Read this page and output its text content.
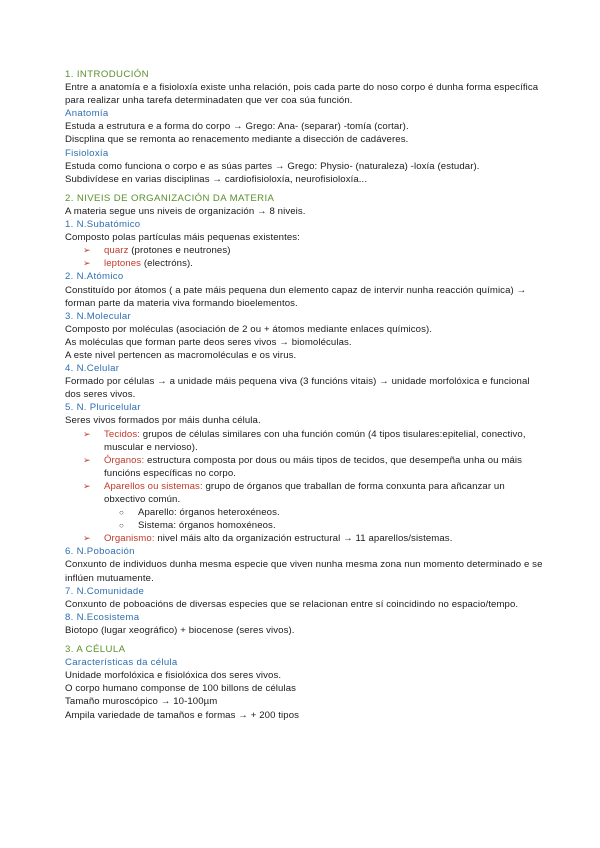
1. INTRODUCIÓN

Entre a anatomía e a fisioloxía existe unha relación, pois cada parte do noso corpo é dunha forma específica para realizar unha tarefa determinadaten que ver coa súa función.

Anatomía

Estuda a estrutura e a forma do corpo → Grego: Ana- (separar) -tomía (cortar).

Discplina que se remonta ao renacemento mediante a disección de cadáveres.

Fisioloxía

Estuda como funciona o corpo e as súas partes → Grego: Physio- (naturaleza) -loxía (estudar).

Subdivídese en varias disciplinas → cardiofisioloxía, neurofisioloxía...

2. NIVEIS DE ORGANIZACIÓN DA MATERIA

A materia segue uns niveis de organización → 8 niveis.

1. N.Subatómico

Composto polas partículas máis pequenas existentes:

➢ quarz (protones e neutrones)
➢ leptones (electróns).
2. N.Atómico

Constituído por átomos ( a pate máis pequena dun elemento capaz de intervir nunha reacción química) → forman parte da materia viva formando bioelementos.

3. N.Molecular

Composto por moléculas (asociación de 2 ou + átomos mediante enlaces químicos).

As moléculas que forman parte deos seres vivos → biomoléculas.

A este nivel pertencen as macromoléculas e os virus.

4. N.Celular

Formado por células → a unidade máis pequena viva (3 funcións vitais) → unidade morfolóxica e funcional dos seres vivos.

5. N. Pluricelular

Seres vivos formados por máis dunha célula.

➢ Tecidos: grupos de células similares con uha función común (4 tipos tisulares:epitelial, conectivo, muscular e nervioso).
➢ Órganos: estructura composta por dous ou máis tipos de tecidos, que desempeña unha ou máis funcións específicas no corpo.
➢ Aparellos ou sistemas: grupo de órganos que traballan de forma conxunta para añcanzar un obxectivo común.
○ Aparello: órganos heteroxéneos.
○ Sistema: órganos homoxéneos.
➢ Organismo: nivel máis alto da organización estructural → 11 aparellos/sistemas.
6. N.Poboación

Conxunto de individuos dunha mesma especie que viven nunha mesma zona nun momento determinado e se inflúen mutuamente.

7. N.Comunidade

Conxunto de poboacións de diversas especies que se relacionan entre sí coincidindo no espacio/tempo.

8. N.Ecosistema

Biotopo (lugar xeográfico) + biocenose (seres vivos).

3. A CÉLULA
Características da célula

Unidade morfolóxica e fisiolóxica dos seres vivos.

O corpo humano componse de 100 billons de células

Tamaño muroscópico → 10-100µm

Ampila variedade de tamaños e formas → + 200 tipos
